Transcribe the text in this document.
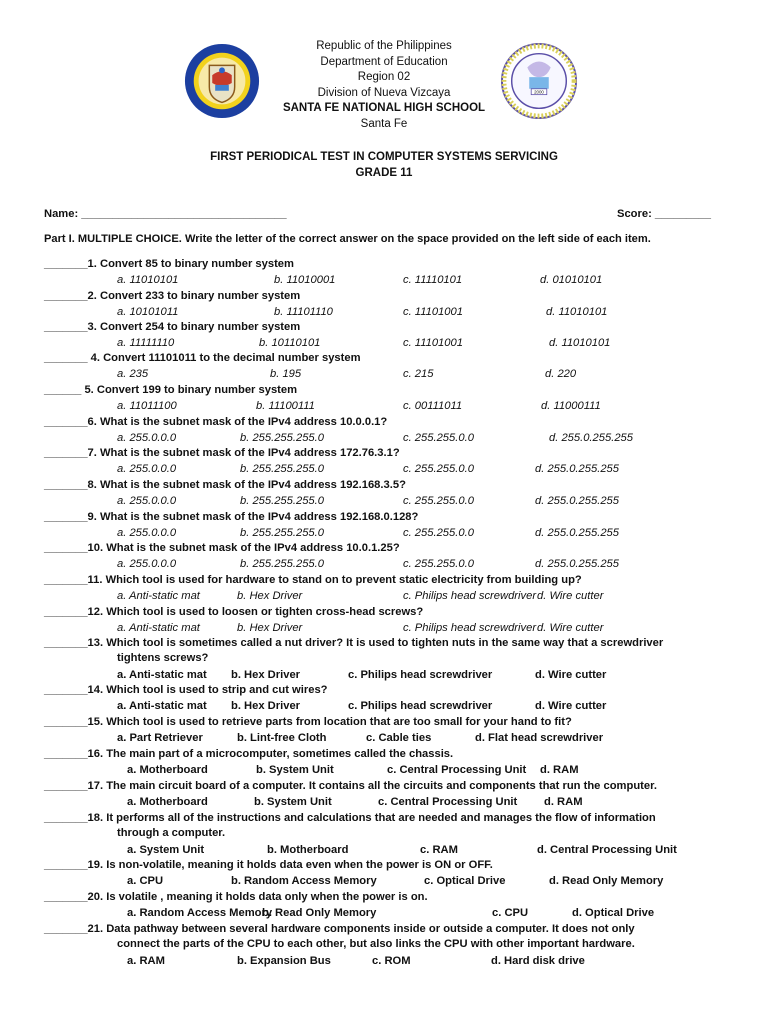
2000
Republic of the Philippines
Department of Education
Region 02
Division of Nueva Vizcaya
SANTA FE NATIONAL HIGH SCHOOL
Santa Fe
FIRST PERIODICAL TEST IN COMPUTER SYSTEMS SERVICING
GRADE 11
Name: _________________________________	Score: _________
Part I. MULTIPLE CHOICE. Write the letter of the correct answer on the space provided on the left side of each item.
_______1. Convert 85 to binary number system
a. 11010101	b. 11010001	c. 11110101	d. 01010101
_______2. Convert 233 to binary number system
a. 10101011	b. 11101110	c. 11101001	d. 11010101
_______3. Convert 254 to binary number system
a. 11111110	b. 10110101	c. 11101001	d. 11010101
_______ 4. Convert 11101011 to the decimal number system
a. 235	b. 195	c. 215	d. 220
______ 5. Convert 199 to binary number system
a. 11011100	b. 11100111	c. 00111011	d. 11000111
_______6. What is the subnet mask of the IPv4 address 10.0.0.1?
a. 255.0.0.0	b. 255.255.255.0	c. 255.255.0.0	d. 255.0.255.255
_______7. What is the subnet mask of the IPv4 address 172.76.3.1?
a. 255.0.0.0	b. 255.255.255.0	c. 255.255.0.0	d. 255.0.255.255
_______8. What is the subnet mask of the IPv4 address 192.168.3.5?
a. 255.0.0.0	b. 255.255.255.0	c. 255.255.0.0	d. 255.0.255.255
_______9. What is the subnet mask of the IPv4 address 192.168.0.128?
a. 255.0.0.0	b. 255.255.255.0	c. 255.255.0.0	d. 255.0.255.255
_______10. What is the subnet mask of the IPv4 address 10.0.1.25?
a. 255.0.0.0	b. 255.255.255.0	c. 255.255.0.0	d. 255.0.255.255
_______11. Which tool is used for hardware to stand on to prevent static electricity from building up?
a. Anti-static mat	b. Hex Driver	c. Philips head screwdriver d. Wire cutter
_______12. Which tool is used to loosen or tighten cross-head screws?
a. Anti-static mat	b. Hex Driver	c. Philips head screwdriver d. Wire cutter
_______13. Which tool is sometimes called a nut driver? It is used to tighten nuts in the same way that a screwdriver
tightens screws?
a. Anti-static mat b. Hex Driver	c. Philips head screwdriver	d. Wire cutter
_______14. Which tool is used to strip and cut wires?
a. Anti-static mat b. Hex Driver	c. Philips head screwdriver	d. Wire cutter
_______15. Which tool is used to retrieve parts from location that are too small for your hand to fit?
a. Part Retriever	b. Lint-free Cloth	c. Cable ties	d. Flat head screwdriver
_______16. The main part of a microcomputer, sometimes called the chassis.
a. Motherboard	b. System Unit	c. Central Processing Unit d. RAM
_______17. The main circuit board of a computer. It contains all the circuits and components that run the computer.
a. Motherboard	b. System Unit	c. Central Processing Unit d. RAM
_______18. It performs all of the instructions and calculations that are needed and manages the flow of information
through a computer.
a. System Unit	b. Motherboard	c. RAM	d. Central Processing Unit
_______19. Is non-volatile, meaning it holds data even when the power is ON or OFF.
a. CPU	b. Random Access Memory	c. Optical Drive	d. Read Only Memory
_______20. Is volatile , meaning it holds data only when the power is on.
a. Random Access Memory
b. Read Only Memory	c. CPU	d. Optical Drive
_______21. Data pathway between several hardware components inside or outside a computer. It does not only
connect the parts of the CPU to each other, but also links the CPU with other important hardware.
a. RAM	b. Expansion Bus	c. ROM	d. Hard disk drive
